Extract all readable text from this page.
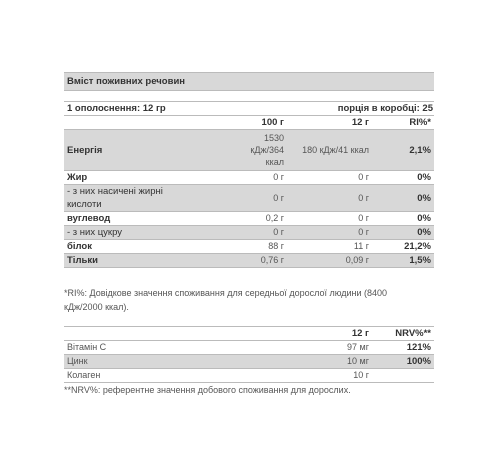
Вміст поживних речовин
1 ополоснення: 12 гр	порція в коробці: 25
	100 г	12 г	RI%*
Енергія	1530
кДж/364
ккал	180 кДж/41 ккал	2,1%
Жир	0 г	0 г	0%
- з них насичені жирні кислоти	0 г	0 г	0%
вуглевод	0,2 г	0 г	0%
- з них цукру	0 г	0 г	0%
білок	88 г	11 г	21,2%
Тільки	0,76 г	0,09 г	1,5%
*RI%: Довідкове значення споживання для середньої дорослої людини (8400 кДж/2000 ккал).
	12 г	NRV%**
Вітамін С	97 мг	121%
Цинк	10 мг	100%
Колаген	10 г	
**NRV%: референтне значення добового споживання для дорослих.
